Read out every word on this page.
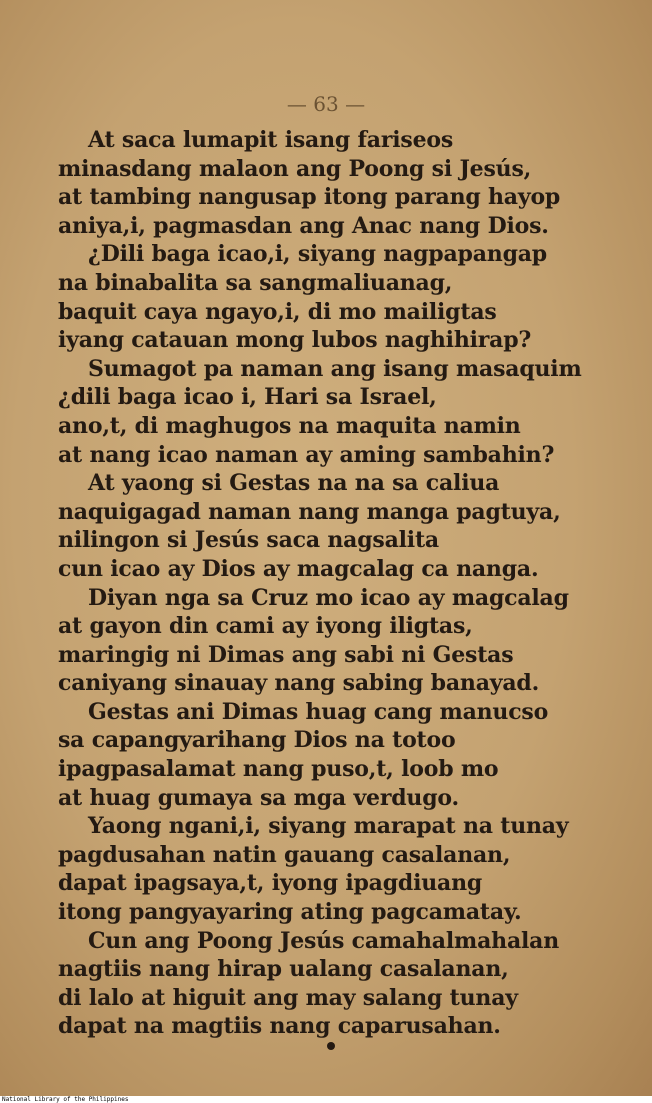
— 63 —
At saca lumapit isang fariseos
minasdang malaon ang Poong si Jesús,
at tambing nangusap itong parang hayop
aniya,i, pagmasdan ang Anac nang Dios.
¿Dili baga icao,i, siyang nagpapangap
na binabalita sa sangmaliuanag,
baquit caya ngayo,i, di mo mailigtas
iyang catauan mong lubos naghihirap?
Sumagot pa naman ang isang masaquim
¿dili baga icao i, Hari sa Israel,
ano,t, di maghugos na maquita namin
at nang icao naman ay aming sambahin?
At yaong si Gestas na na sa caliua
naquigagad naman nang manga pagtuya,
nilingon si Jesús saca nagsalita
cun icao ay Dios ay magcalag ca nanga.
Diyan nga sa Cruz mo icao ay magcalag
at gayon din cami ay iyong iligtas,
maringig ni Dimas ang sabi ni Gestas
caniyang sinauay nang sabing banayad.
Gestas ani Dimas huag cang manucso
sa capangyarihang Dios na totoo
ipagpasalamat nang puso,t, loob mo
at huag gumaya sa mga verdugo.
Yaong ngani,i, siyang marapat na tunay
pagdusahan natin gauang casalanan,
dapat ipagsaya,t, iyong ipagdiuang
itong pangyayaring ating pagcamatay.
Cun ang Poong Jesús camahalmahalan
nagtiis nang hirap ualang casalanan,
di lalo at higuit ang may salang tunay
dapat na magtiis nang caparusahan.
National Library of the Philippines
